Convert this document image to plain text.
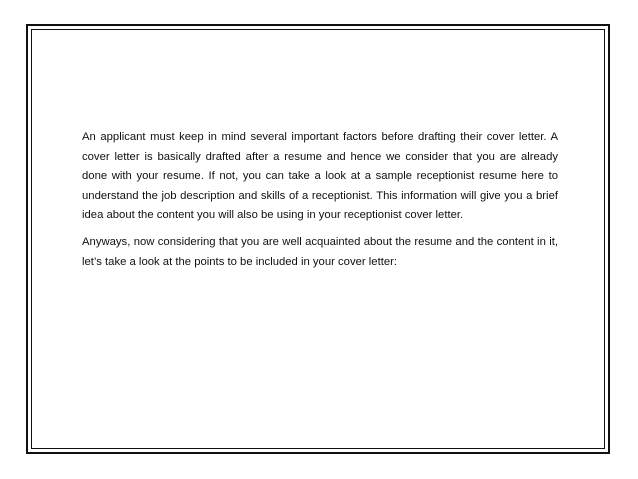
An applicant must keep in mind several important factors before drafting their cover letter. A cover letter is basically drafted after a resume and hence we consider that you are already done with your resume. If not, you can take a look at a sample receptionist resume here to understand the job description and skills of a receptionist. This information will give you a brief idea about the content you will also be using in your receptionist cover letter.

Anyways, now considering that you are well acquainted about the resume and the content in it, let’s take a look at the points to be included in your cover letter:
